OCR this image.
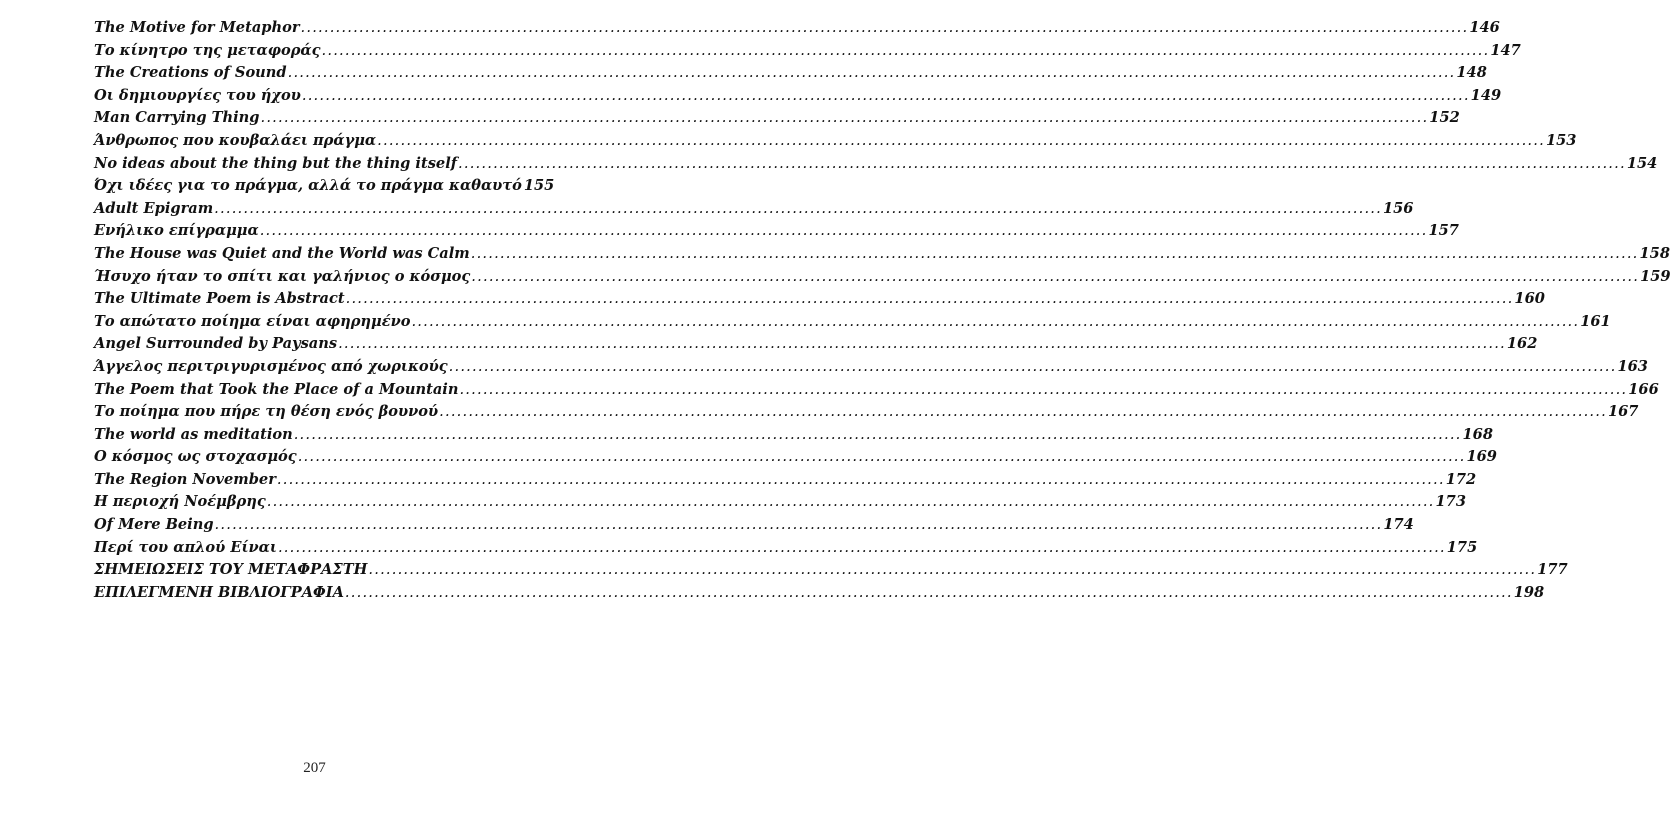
The Motive for Metaphor .....	146
Το κίνητρο της μεταφοράς .....	147
The Creations of Sound .....	148
Οι δημιουργίες του ήχου .....	149
Man Carrying Thing .....	152
Άνθρωπος που κουβαλάει πράγμα .....	153
No ideas about the thing but the thing itself .....	154
Όχι ιδέες για το πράγμα, αλλά το πράγμα καθαυτό 155
Adult Epigram .....	156
Ενήλικο επίγραμμα .....	157
The House was Quiet and the World was Calm .....	158
Ήσυχο ήταν το σπίτι και γαλήνιος ο κόσμος .....	159
The Ultimate Poem is Abstract .....	160
Το απώτατο ποίημα είναι αφηρημένο .....	161
Angel Surrounded by Paysans .....	162
Άγγελος περιτριγυρισμένος από χωρικούς .....	163
The Poem that Took the Place of a Mountain .....	166
Το ποίημα που πήρε τη θέση ενός βουνού .....	167
The world as meditation .....	168
Ο κόσμος ως στοχασμός .....	169
The Region November .....	172
Η περιοχή Νοέμβρης .....	173
Of Mere Being .....	174
Περί του απλού Είναι .....	175
ΣΗΜΕΙΩΣΕΙΣ ΤΟΥ ΜΕΤΑΦΡΑΣΤΗ .....	177
ΕΠΙΛΕΓΜΕΝΗ ΒΙΒΛΙΟΓΡΑΦΙΑ .....	198
207
